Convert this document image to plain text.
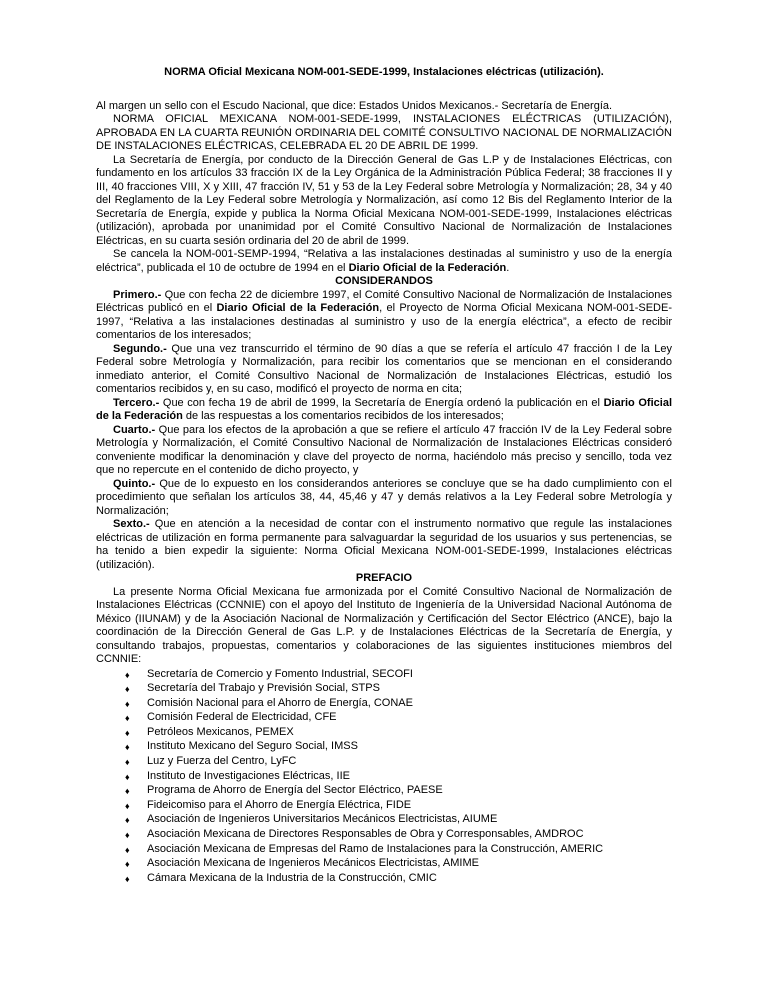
NORMA Oficial Mexicana NOM-001-SEDE-1999, Instalaciones eléctricas (utilización).

Al margen un sello con el Escudo Nacional, que dice: Estados Unidos Mexicanos.- Secretaría de Energía.

NORMA OFICIAL MEXICANA NOM-001-SEDE-1999, INSTALACIONES ELÉCTRICAS (UTILIZACIÓN), APROBADA EN LA CUARTA REUNIÓN ORDINARIA DEL COMITÉ CONSULTIVO NACIONAL DE NORMALIZACIÓN DE INSTALACIONES ELÉCTRICAS, CELEBRADA EL 20 DE ABRIL DE 1999.

La Secretaría de Energía, por conducto de la Dirección General de Gas L.P y de Instalaciones Eléctricas, con fundamento en los artículos 33 fracción IX de la Ley Orgánica de la Administración Pública Federal; 38 fracciones II y III, 40 fracciones VIII, X y XIII, 47 fracción IV, 51 y 53 de la Ley Federal sobre Metrología y Normalización; 28, 34 y 40 del Reglamento de la Ley Federal sobre Metrología y Normalización, así como 12 Bis del Reglamento Interior de la Secretaría de Energía, expide y publica la Norma Oficial Mexicana NOM-001-SEDE-1999, Instalaciones eléctricas (utilización), aprobada por unanimidad por el Comité Consultivo Nacional de Normalización de Instalaciones Eléctricas, en su cuarta sesión ordinaria del 20 de abril de 1999.

Se cancela la NOM-001-SEMP-1994, “Relativa a las instalaciones destinadas al suministro y uso de la energía eléctrica”, publicada el 10 de octubre de 1994 en el Diario Oficial de la Federación.

CONSIDERANDOS

Primero.- Que con fecha 22 de diciembre 1997, el Comité Consultivo Nacional de Normalización de Instalaciones Eléctricas publicó en el Diario Oficial de la Federación, el Proyecto de Norma Oficial Mexicana NOM-001-SEDE-1997, “Relativa a las instalaciones destinadas al suministro y uso de la energía eléctrica”, a efecto de recibir comentarios de los interesados;

Segundo.- Que una vez transcurrido el término de 90 días a que se refería el artículo 47 fracción I de la Ley Federal sobre Metrología y Normalización, para recibir los comentarios que se mencionan en el considerando inmediato anterior, el Comité Consultivo Nacional de Normalización de Instalaciones Eléctricas, estudió los comentarios recibidos y, en su caso, modificó el proyecto de norma en cita;

Tercero.- Que con fecha 19 de abril de 1999, la Secretaría de Energía ordenó la publicación en el Diario Oficial de la Federación de las respuestas a los comentarios recibidos de los interesados;

Cuarto.- Que para los efectos de la aprobación a que se refiere el artículo 47 fracción IV de la Ley Federal sobre Metrología y Normalización, el Comité Consultivo Nacional de Normalización de Instalaciones Eléctricas consideró conveniente modificar la denominación y clave del proyecto de norma, haciéndolo más preciso y sencillo, toda vez que no repercute en el contenido de dicho proyecto, y

Quinto.- Que de lo expuesto en los considerandos anteriores se concluye que se ha dado cumplimiento con el procedimiento que señalan los artículos 38, 44, 45,46 y 47 y demás relativos a la Ley Federal sobre Metrología y Normalización;

Sexto.- Que en atención a la necesidad de contar con el instrumento normativo que regule las instalaciones eléctricas de utilización en forma permanente para salvaguardar la seguridad de los usuarios y sus pertenencias, se ha tenido a bien expedir la siguiente: Norma Oficial Mexicana NOM-001-SEDE-1999, Instalaciones eléctricas (utilización).

PREFACIO

La presente Norma Oficial Mexicana fue armonizada por el Comité Consultivo Nacional de Normalización de Instalaciones Eléctricas (CCNNIE) con el apoyo del Instituto de Ingeniería de la Universidad Nacional Autónoma de México (IIUNAM) y de la Asociación Nacional de Normalización y Certificación del Sector Eléctrico (ANCE), bajo la coordinación de la Dirección General de Gas L.P. y de Instalaciones Eléctricas de la Secretaría de Energía, y consultando trabajos, propuestas, comentarios y colaboraciones de las siguientes instituciones miembros del CCNNIE:

♦ Secretaría de Comercio y Fomento Industrial, SECOFI
♦ Secretaría del Trabajo y Previsión Social, STPS
♦ Comisión Nacional para el Ahorro de Energía, CONAE
♦ Comisión Federal de Electricidad, CFE
♦ Petróleos Mexicanos, PEMEX
♦ Instituto Mexicano del Seguro Social, IMSS
♦ Luz y Fuerza del Centro, LyFC
♦ Instituto de Investigaciones Eléctricas, IIE
♦ Programa de Ahorro de Energía del Sector Eléctrico, PAESE
♦ Fideicomiso para el Ahorro de Energía Eléctrica, FIDE
♦ Asociación de Ingenieros Universitarios Mecánicos Electricistas, AIUME
♦ Asociación Mexicana de Directores Responsables de Obra y Corresponsables, AMDROC
♦ Asociación Mexicana de Empresas del Ramo de Instalaciones para la Construcción, AMERIC
♦ Asociación Mexicana de Ingenieros Mecánicos Electricistas, AMIME
♦ Cámara Mexicana de la Industria de la Construcción, CMIC
